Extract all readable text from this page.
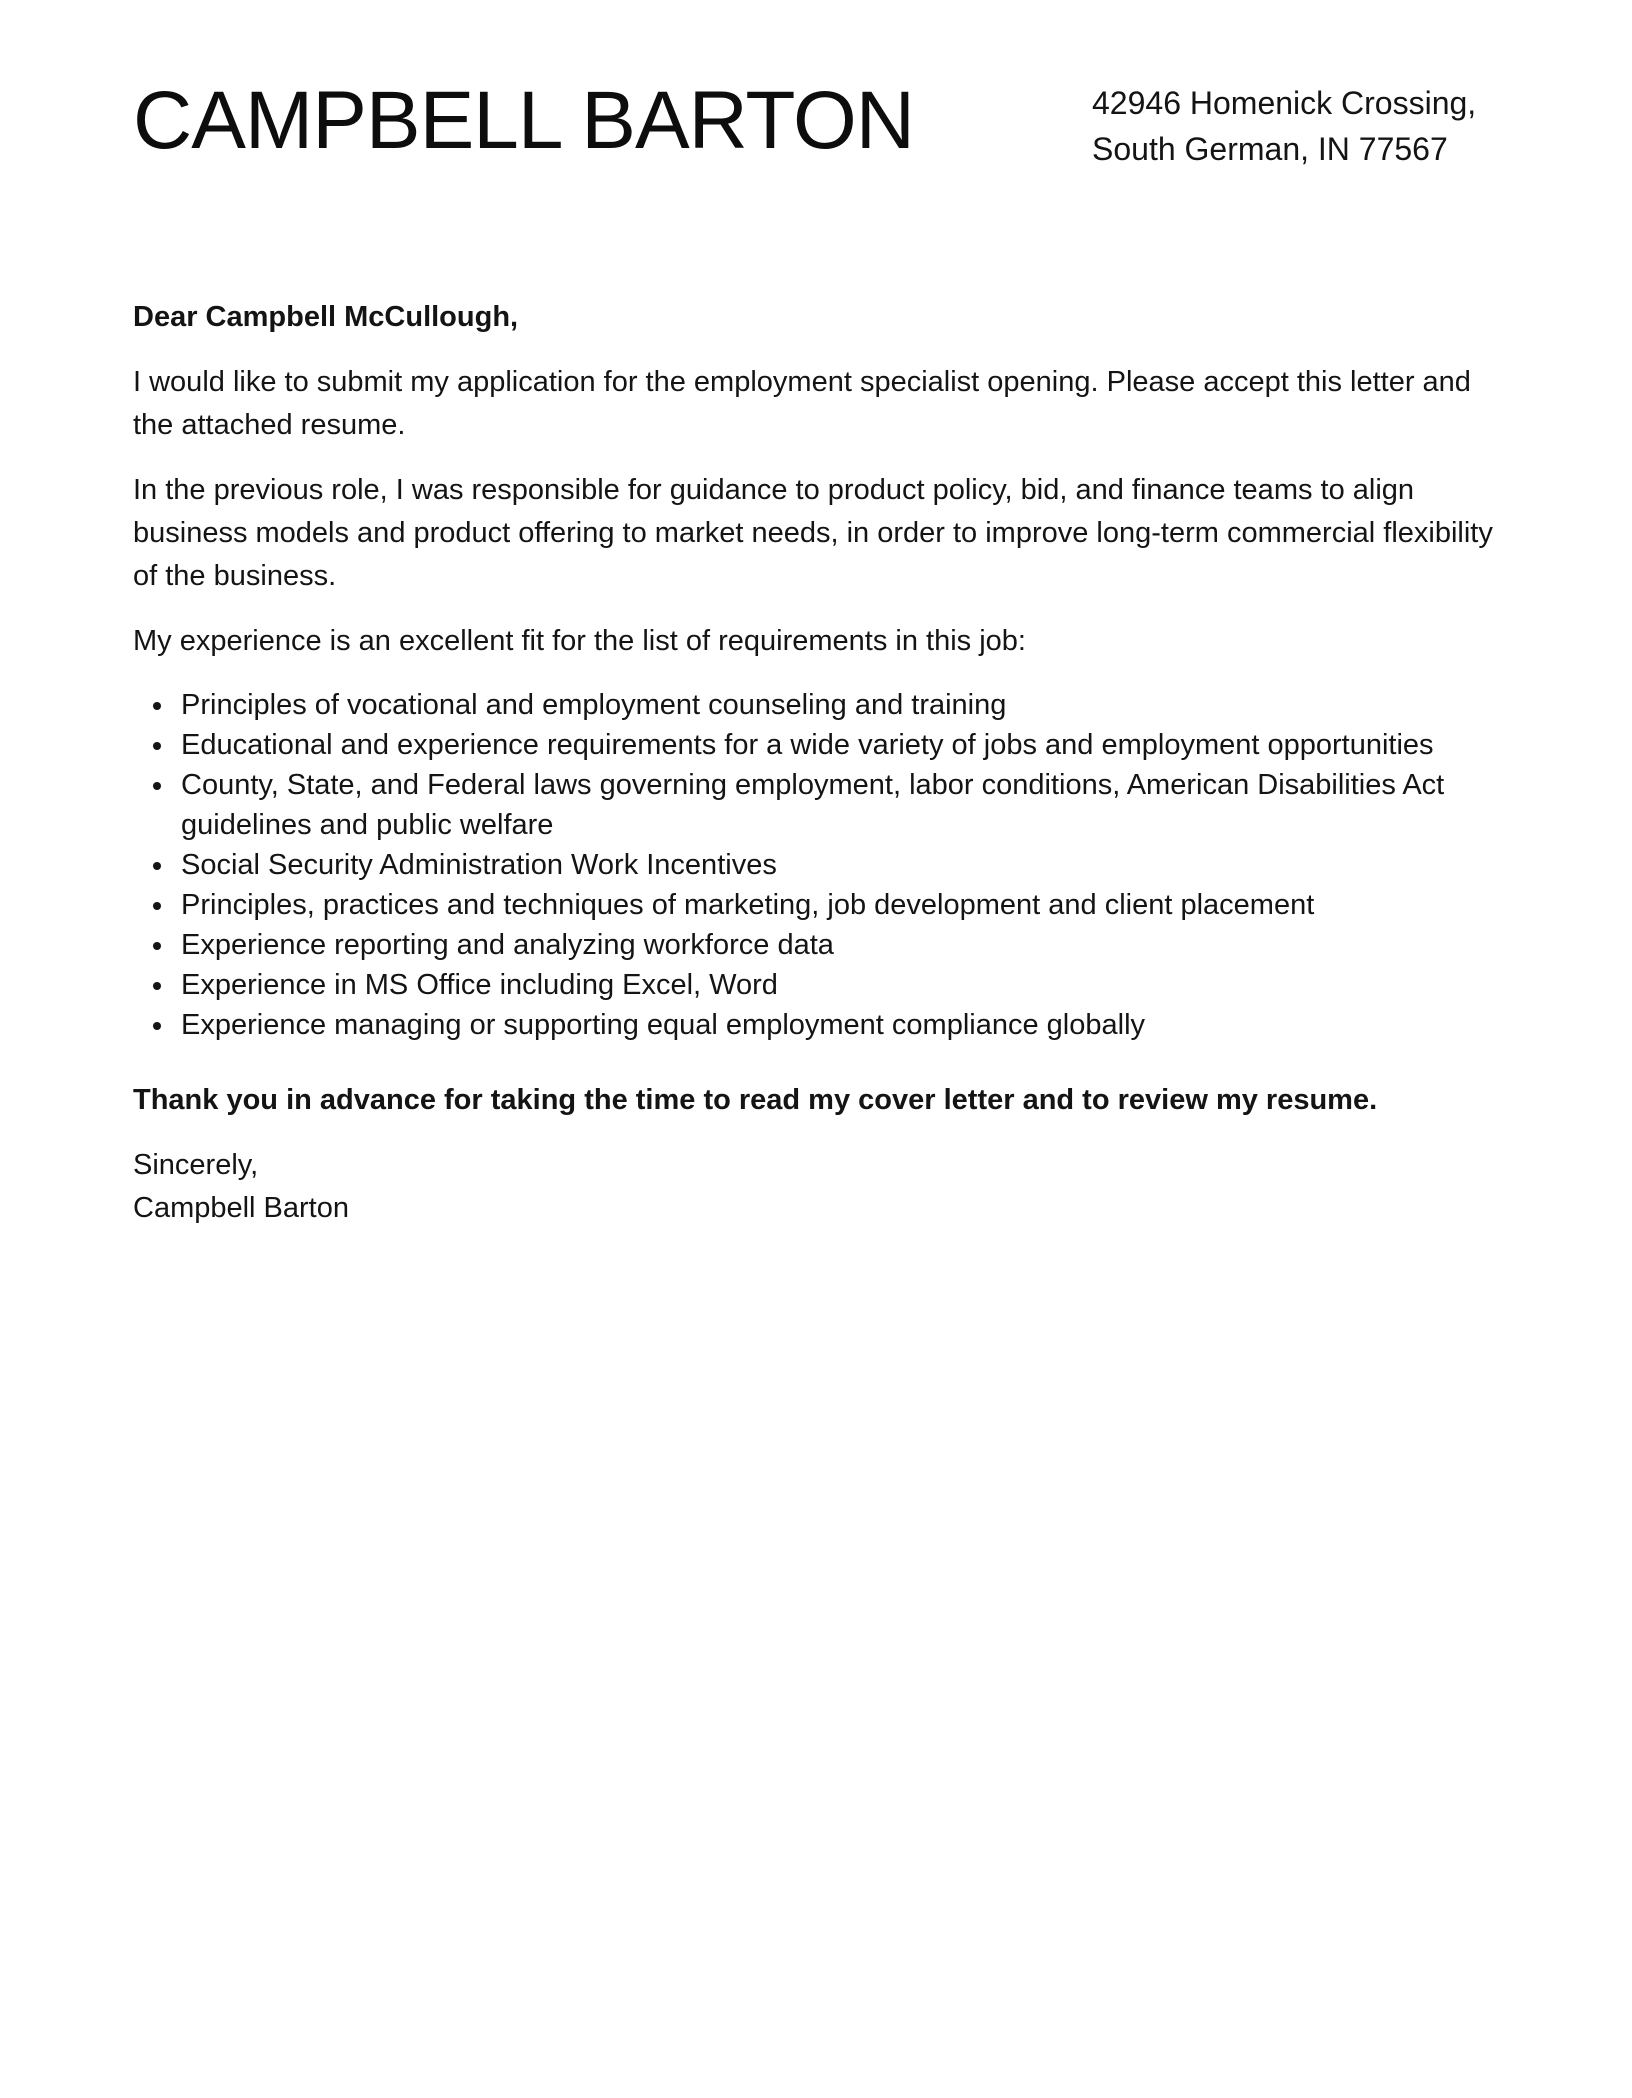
CAMPBELL BARTON	42946 Homenick Crossing,
South German, IN 77567

Dear Campbell McCullough,

I would like to submit my application for the employment specialist opening. Please accept this letter and the attached resume.

In the previous role, I was responsible for guidance to product policy, bid, and finance teams to align business models and product offering to market needs, in order to improve long-term commercial flexibility of the business.

My experience is an excellent fit for the list of requirements in this job:

Principles of vocational and employment counseling and training
Educational and experience requirements for a wide variety of jobs and employment opportunities
County, State, and Federal laws governing employment, labor conditions, American Disabilities Act guidelines and public welfare
Social Security Administration Work Incentives
Principles, practices and techniques of marketing, job development and client placement
Experience reporting and analyzing workforce data
Experience in MS Office including Excel, Word
Experience managing or supporting equal employment compliance globally

Thank you in advance for taking the time to read my cover letter and to review my resume.

Sincerely,
Campbell Barton
